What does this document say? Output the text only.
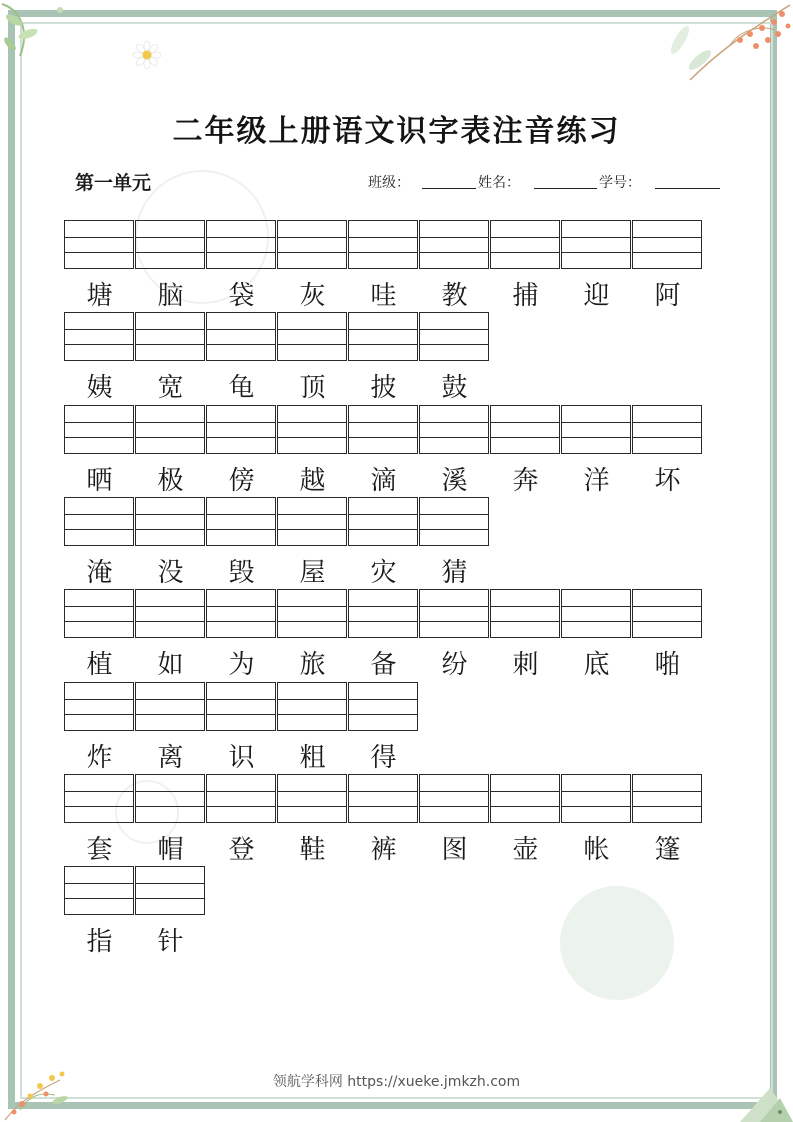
二年级上册语文识字表注音练习
第一单元	班级：	姓名：	学号：
塘	脑	袋	灰	哇	教	捕	迎	阿
姨	宽	龟	顶	披	鼓
晒	极	傍	越	滴	溪	奔	洋	坏
淹	没	毁	屋	灾	猜
植	如	为	旅	备	纷	刺	底	啪
炸	离	识	粗	得
套	帽	登	鞋	裤	图	壶	帐	篷
指	针
领航学科网 https://xueke.jmkzh.com
